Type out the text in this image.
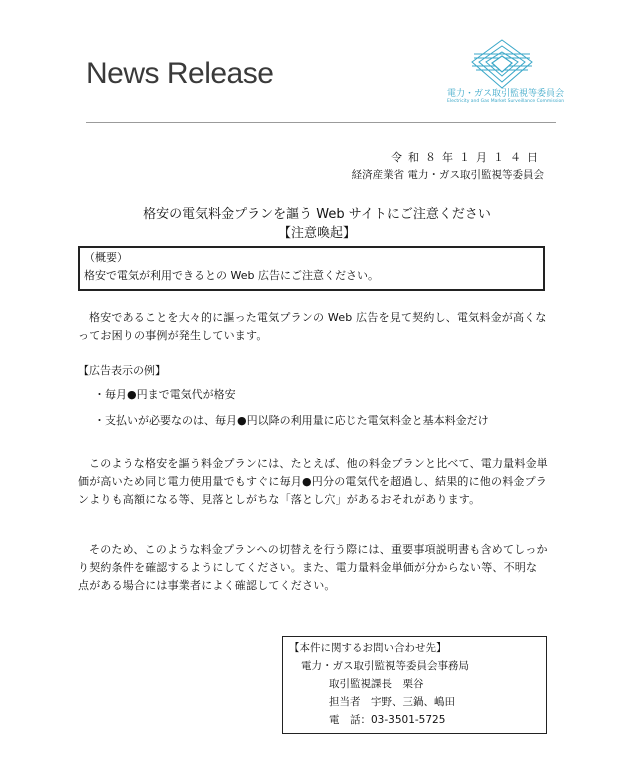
News Release
電力・ガス取引監視等委員会
Electricity and Gas Market Surveillance Commission
令和８年１月１４日
経済産業省 電力・ガス取引監視等委員会
格安の電気料金プランを謳う Web サイトにご注意ください
【注意喚起】
（概要）
格安で電気が利用できるとの Web 広告にご注意ください。
格安であることを大々的に謳った電気プランの Web 広告を見て契約し、電気料金が高くなってお困りの事例が発生しています。
【広告表示の例】
・毎月●円まで電気代が格安
・支払いが必要なのは、毎月●円以降の利用量に応じた電気料金と基本料金だけ
このような格安を謳う料金プランには、たとえば、他の料金プランと比べて、電力量料金単価が高いため同じ電力使用量でもすぐに毎月●円分の電気代を超過し、結果的に他の料金プランよりも高額になる等、見落としがちな「落とし穴」があるおそれがあります。
そのため、このような料金プランへの切替えを行う際には、重要事項説明書も含めてしっかり契約条件を確認するようにしてください。また、電力量料金単価が分からない等、不明な点がある場合には事業者によく確認してください。
【本件に関するお問い合わせ先】
電力・ガス取引監視等委員会事務局
取引監視課長　栗谷
担当者　宇野、三鍋、嶋田
電　話：03-3501-5725
